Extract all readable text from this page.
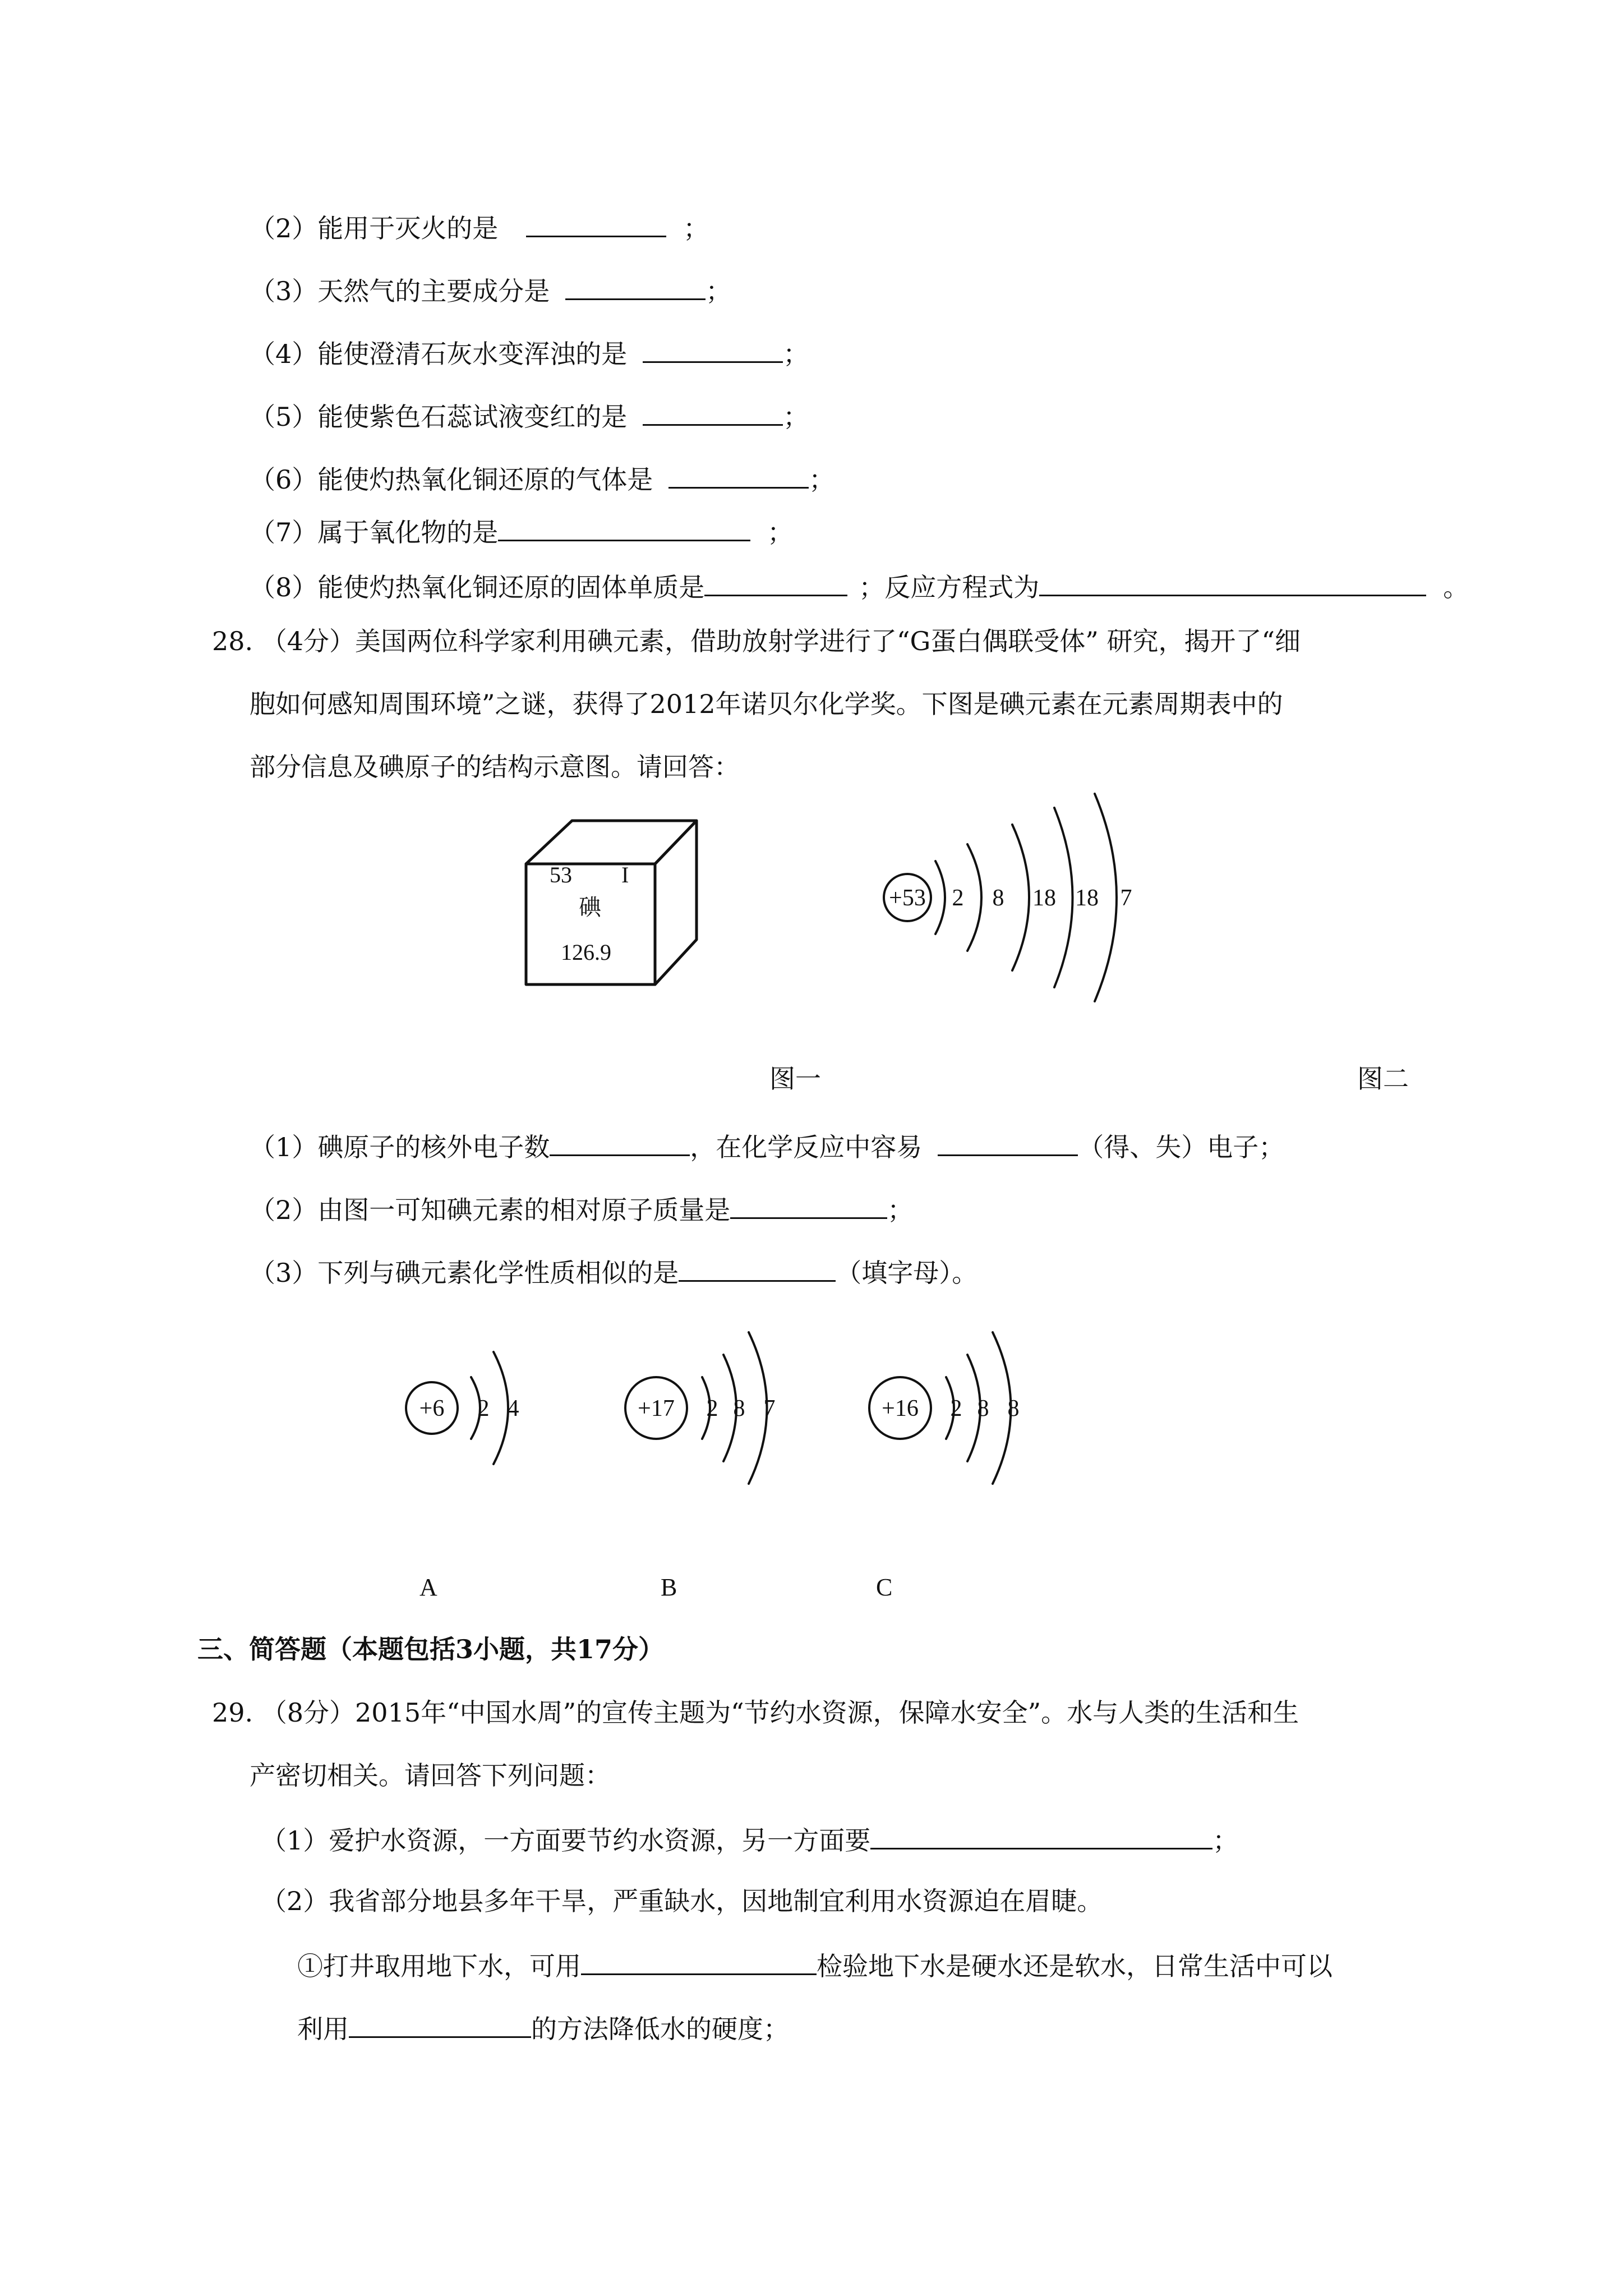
（2）能用于灭火的是	；
（3）天然气的主要成分是	；
（4）能使澄清石灰水变浑浊的是	；
（5）能使紫色石蕊试液变红的是	；
（6）能使灼热氧化铜还原的气体是	；
（7）属于氧化物的是	；
（8）能使灼热氧化铜还原的固体单质是	；反应方程式为	。
28. （4分）美国两位科学家利用碘元素，借助放射学进行了“G蛋白偶联受体” 研究，揭开了“细
胞如何感知周围环境”之谜，获得了2012年诺贝尔化学奖。下图是碘元素在元素周期表中的
部分信息及碘原子的结构示意图。请回答：
53 I
碘
126.9
+53 2 8 18 18 7
图一	图二
（1）碘原子的核外电子数	，在化学反应中容易	（得、失）电子；
（2）由图一可知碘元素的相对原子质量是	；
（3）下列与碘元素化学性质相似的是	（填字母）。
+6 2 4	+17 2 8 7	+16 2 8 8
A	B	C
三、简答题（本题包括3小题，共17分）
29. （8分）2015年“中国水周”的宣传主题为“节约水资源，保障水安全”。水与人类的生活和生
产密切相关。请回答下列问题：
（1）爱护水资源，一方面要节约水资源，另一方面要	；
（2）我省部分地县多年干旱，严重缺水，因地制宜利用水资源迫在眉睫。
①打井取用地下水，可用	检验地下水是硬水还是软水，日常生活中可以
利用	的方法降低水的硬度；
